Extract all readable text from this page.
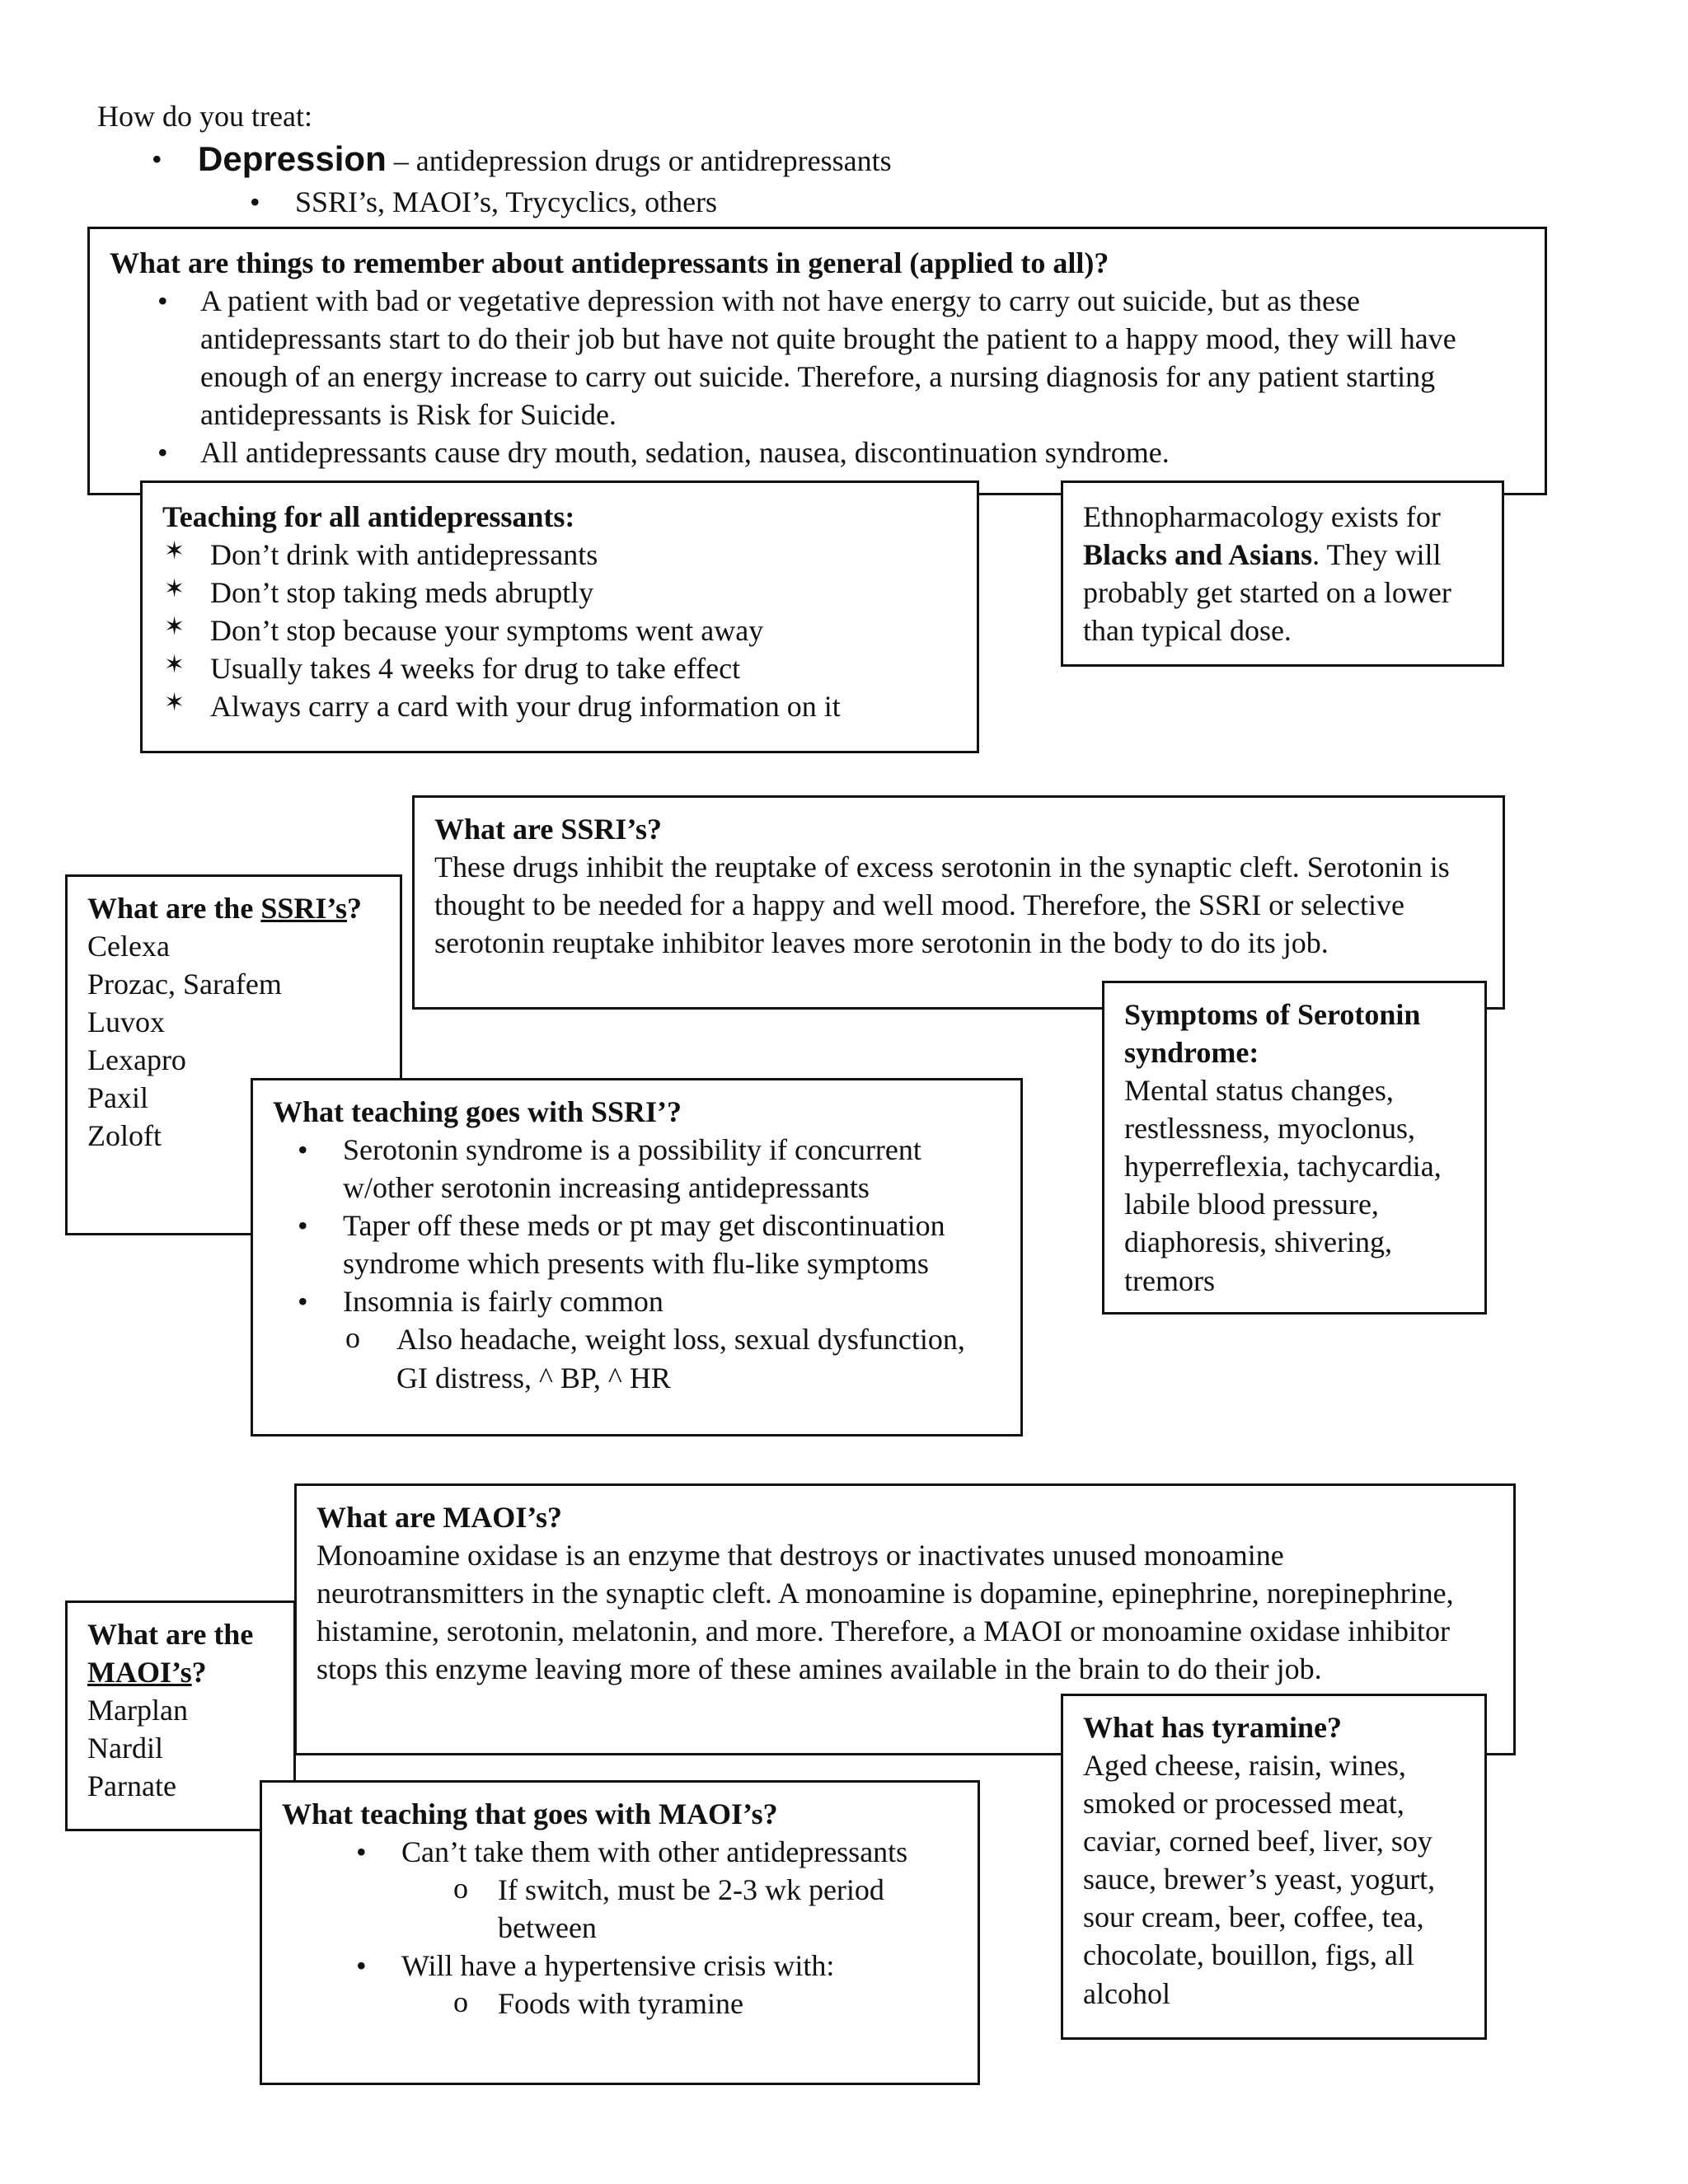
How do you treat:

• Depression – antidepression drugs or antidrepressants
• SSRI’s, MAOI’s, Trycyclics, others

What are things to remember about antidepressants in general (applied to all)?

• A patient with bad or vegetative depression with not have energy to carry out suicide, but as these antidepressants start to do their job but have not quite brought the patient to a happy mood, they will have enough of an energy increase to carry out suicide. Therefore, a nursing diagnosis for any patient starting antidepressants is Risk for Suicide.
• All antidepressants cause dry mouth, sedation, nausea, discontinuation syndrome.

Teaching for all antidepressants:

✶ Don’t drink with antidepressants
✶ Don’t stop taking meds abruptly
✶ Don’t stop because your symptoms went away
✶ Usually takes 4 weeks for drug to take effect
✶ Always carry a card with your drug information on it

Ethnopharmacology exists for Blacks and Asians. They will probably get started on a lower than typical dose.

What are SSRI’s?

These drugs inhibit the reuptake of excess serotonin in the synaptic cleft. Serotonin is thought to be needed for a happy and well mood. Therefore, the SSRI or selective serotonin reuptake inhibitor leaves more serotonin in the body to do its job.

What are the SSRI’s?

Celexa

Prozac, Sarafem

Luvox

Lexapro

Paxil

Zoloft

Symptoms of Serotonin syndrome:

Mental status changes, restlessness, myoclonus, hyperreflexia, tachycardia, labile blood pressure, diaphoresis, shivering, tremors

What teaching goes with SSRI’?

• Serotonin syndrome is a possibility if concurrent w/other serotonin increasing antidepressants
• Taper off these meds or pt may get discontinuation syndrome which presents with flu-like symptoms
• Insomnia is fairly common
o Also headache, weight loss, sexual dysfunction, GI distress, ^ BP, ^ HR

What are MAOI’s?

Monoamine oxidase is an enzyme that destroys or inactivates unused monoamine neurotransmitters in the synaptic cleft. A monoamine is dopamine, epinephrine, norepinephrine, histamine, serotonin, melatonin, and more. Therefore, a MAOI or monoamine oxidase inhibitor stops this enzyme leaving more of these amines available in the brain to do their job.

What are the MAOI’s?

Marplan

Nardil

Parnate

What has tyramine?

Aged cheese, raisin, wines, smoked or processed meat, caviar, corned beef, liver, soy sauce, brewer’s yeast, yogurt, sour cream, beer, coffee, tea, chocolate, bouillon, figs, all alcohol

What teaching that goes with MAOI’s?

• Can’t take them with other antidepressants
o If switch, must be 2-3 wk period between
• Will have a hypertensive crisis with:
o Foods with tyramine
